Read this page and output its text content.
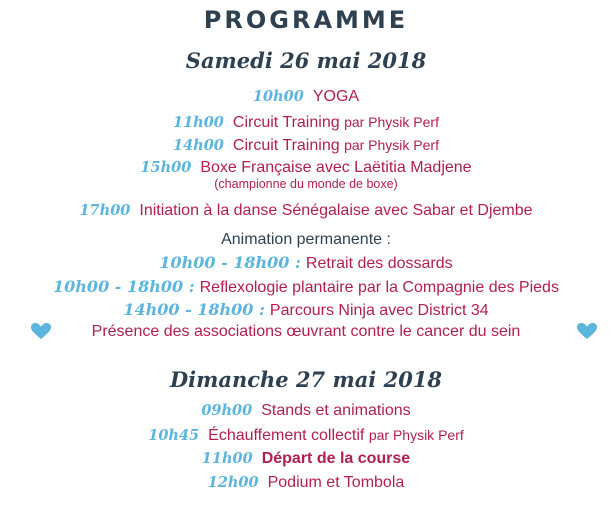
PROGRAMME
Samedi 26 mai 2018
10h00 YOGA
11h00 Circuit Training par Physik Perf
14h00 Circuit Training par Physik Perf
15h00 Boxe Française avec Laëtitia Madjene
(championne du monde de boxe)
17h00 Initiation à la danse Sénégalaise avec Sabar et Djembe
Animation permanente :
10h00 - 18h00 : Retrait des dossards
10h00 - 18h00 : Reflexologie plantaire par la Compagnie des Pieds
14h00 - 18h00 : Parcours Ninja avec District 34
Présence des associations œuvrant contre le cancer du sein
Dimanche 27 mai 2018
09h00 Stands et animations
10h45 Échauffement collectif par Physik Perf
11h00 Départ de la course
12h00 Podium et Tombola
